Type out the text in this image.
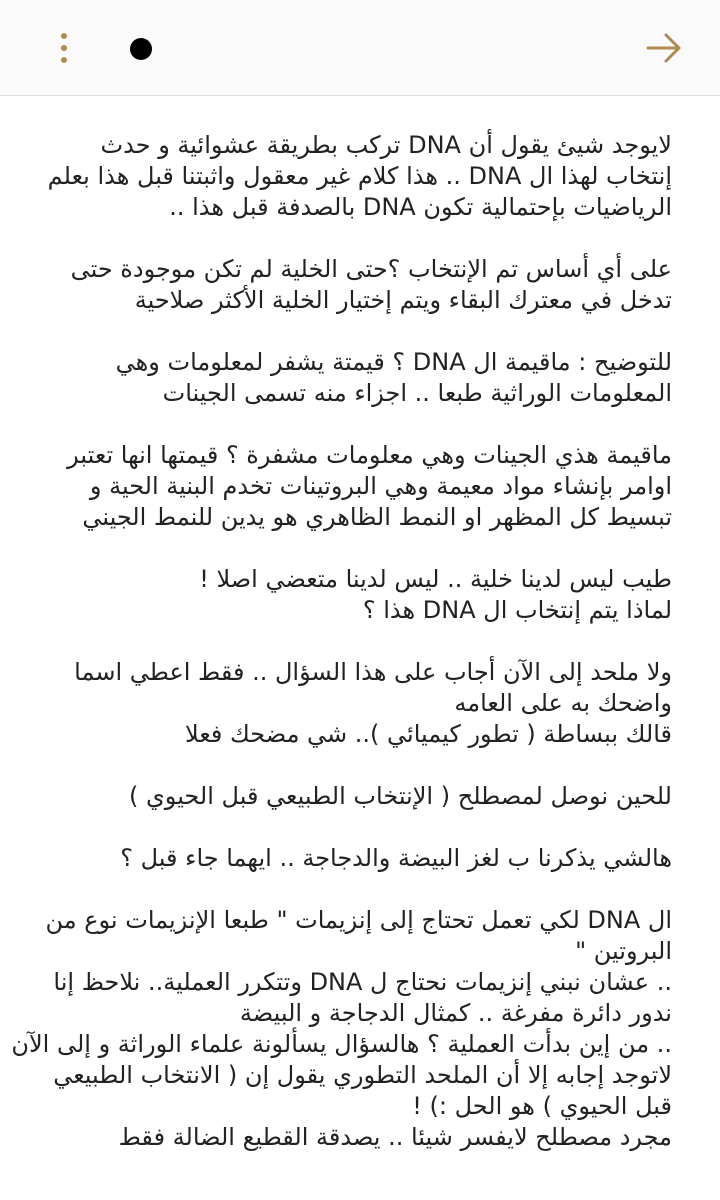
لايوجد شيئ يقول أن DNA تركب بطريقة عشوائية و حدث
إنتخاب لهذا ال DNA .. هذا كلام غير معقول واثبتنا قبل هذا بعلم
الرياضيات بإحتمالية تكون DNA بالصدفة قبل هذا ..
على أي أساس تم الإنتخاب ؟حتى الخلية لم تكن موجودة حتى
تدخل في معترك البقاء ويتم إختيار الخلية الأكثر صلاحية
للتوضيح : ماقيمة ال DNA ؟ قيمتة يشفر لمعلومات وهي
المعلومات الوراثية طبعا .. اجزاء منه تسمى الجينات
ماقيمة هذي الجينات وهي معلومات مشفرة ؟ قيمتها انها تعتبر
اوامر بإنشاء مواد معيمة وهي البروتينات تخدم البنية الحية و
تبسيط كل المظهر او النمط الظاهري هو يدين للنمط الجيني
طيب ليس لدينا خلية .. ليس لدينا متعضي اصلا !
لماذا يتم إنتخاب ال DNA هذا ؟
ولا ملحد إلى الآن أجاب على هذا السؤال .. فقط اعطي اسما
واضحك به على العامه
قالك ببساطة ( تطور كيميائي ).. شي مضحك فعلا
للحين نوصل لمصطلح ( الإنتخاب الطبيعي قبل الحيوي )
هالشي يذكرنا ب لغز البيضة والدجاجة .. ايهما جاء قبل ؟
ال DNA لكي تعمل تحتاج إلى إنزيمات " طبعا الإنزيمات نوع من
البروتين "
.. عشان نبني إنزيمات نحتاج ل DNA وتتكرر العملية.. نلاحظ إنا
ندور دائرة مفرغة .. كمثال الدجاجة و البيضة
.. من إين بدأت العملية ؟ هالسؤال يسألونة علماء الوراثة و إلى الآن
لاتوجد إجابه إلا أن الملحد التطوري يقول إن ( الانتخاب الطبيعي
قبل الحيوي ) هو الحل :) !
مجرد مصطلح لايفسر شيئا .. يصدقة القطيع الضالة فقط
